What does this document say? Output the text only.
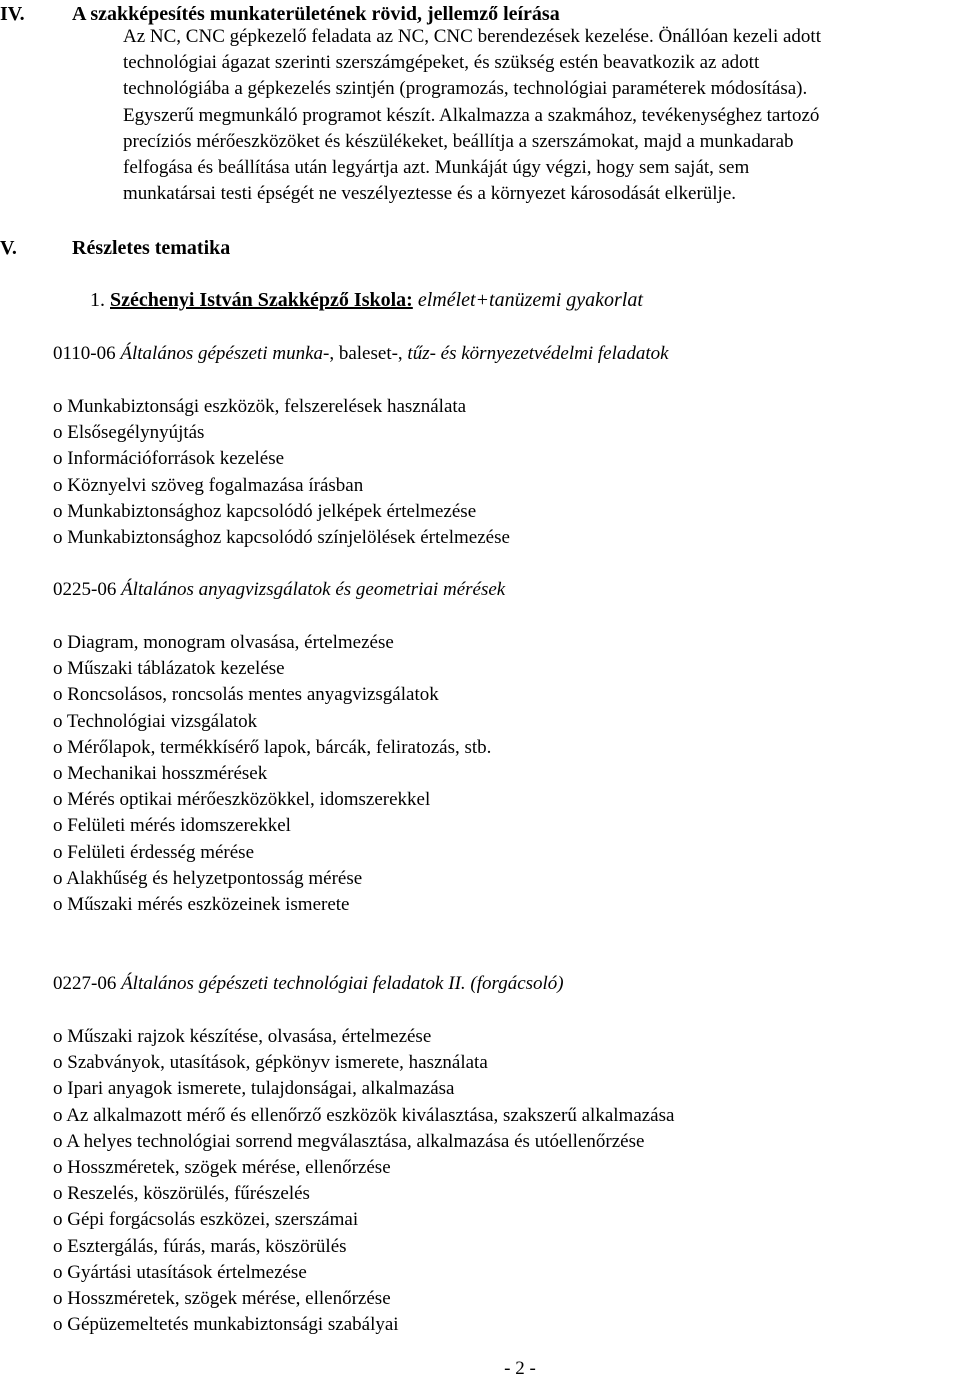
IV. A szakképesítés munkaterületének rövid, jellemző leírása
Az NC, CNC gépkezelő feladata az NC, CNC berendezések kezelése. Önállóan kezeli adott
technológiai ágazat szerinti szerszámgépeket, és szükség estén beavatkozik az adott
technológiába a gépkezelés szintjén (programozás, technológiai paraméterek módosítása).
Egyszerű megmunkáló programot készít. Alkalmazza a szakmához, tevékenységhez tartozó
precíziós mérőeszközöket és készülékeket, beállítja a szerszámokat, majd a munkadarab
felfogása és beállítása után legyártja azt. Munkáját úgy végzi, hogy sem saját, sem
munkatársai testi épségét ne veszélyeztesse és a környezet károsodását elkerülje.
V.	Részletes tematika
1. Széchenyi István Szakképző Iskola: elmélet+tanüzemi gyakorlat
0110-06 Általános gépészeti munka-, baleset-, tűz- és környezetvédelmi feladatok
o Munkabiztonsági eszközök, felszerelések használata
o Elsősegélynyújtás
o Információforrások kezelése
o Köznyelvi szöveg fogalmazása írásban
o Munkabiztonsághoz kapcsolódó jelképek értelmezése
o Munkabiztonsághoz kapcsolódó színjelölések értelmezése
0225-06 Általános anyagvizsgálatok és geometriai mérések
o Diagram, monogram olvasása, értelmezése
o Műszaki táblázatok kezelése
o Roncsolásos, roncsolás mentes anyagvizsgálatok
o Technológiai vizsgálatok
o Mérőlapok, termékkísérő lapok, bárcák, feliratozás, stb.
o Mechanikai hosszmérések
o Mérés optikai mérőeszközökkel, idomszerekkel
o Felületi mérés idomszerekkel
o Felületi érdesség mérése
o Alakhűség és helyzetpontosság mérése
o Műszaki mérés eszközeinek ismerete
0227-06 Általános gépészeti technológiai feladatok II. (forgácsoló)
o Műszaki rajzok készítése, olvasása, értelmezése
o Szabványok, utasítások, gépkönyv ismerete, használata
o Ipari anyagok ismerete, tulajdonságai, alkalmazása
o Az alkalmazott mérő és ellenőrző eszközök kiválasztása, szakszerű alkalmazása
o A helyes technológiai sorrend megválasztása, alkalmazása és utóellenőrzése
o Hosszméretek, szögek mérése, ellenőrzése
o Reszelés, köszörülés, fűrészelés
o Gépi forgácsolás eszközei, szerszámai
o Esztergálás, fúrás, marás, köszörülés
o Gyártási utasítások értelmezése
o Hosszméretek, szögek mérése, ellenőrzése
o Gépüzemeltetés munkabiztonsági szabályai
- 2 -
